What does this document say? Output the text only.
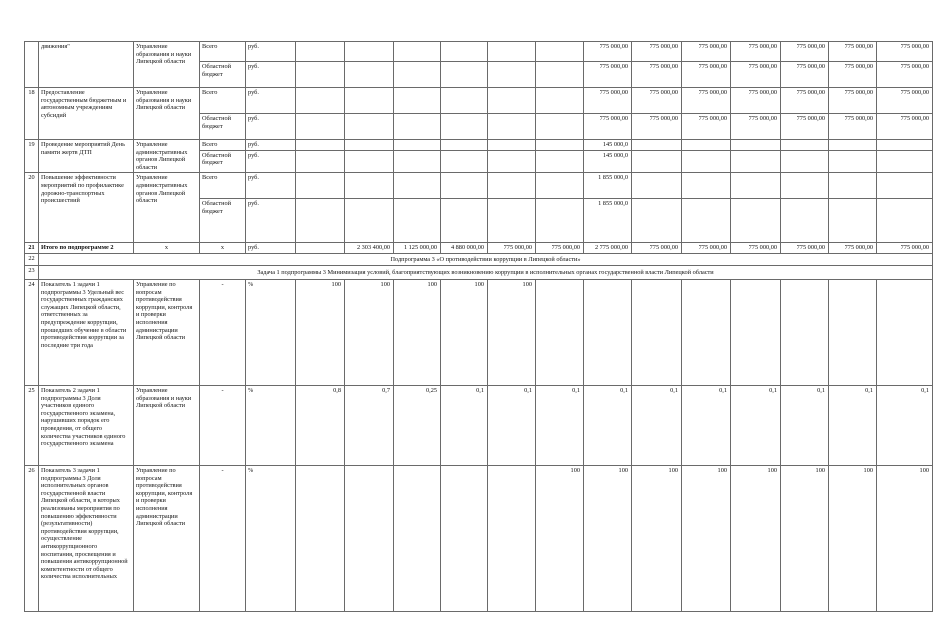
	движения"	Управление образования и науки Липецкой области	Всего	руб.							775 000,00	775 000,00	775 000,00	775 000,00	775 000,00	775 000,00	775 000,00
			Областной бюджет	руб.							775 000,00	775 000,00	775 000,00	775 000,00	775 000,00	775 000,00	775 000,00
18	Предоставление государственным бюджетным и автономным учреждениям субсидий	Управление образования и науки Липецкой области	Всего	руб.							775 000,00	775 000,00	775 000,00	775 000,00	775 000,00	775 000,00	775 000,00
			Областной бюджет	руб.							775 000,00	775 000,00	775 000,00	775 000,00	775 000,00	775 000,00	775 000,00
19	Проведение мероприятий День памяти жертв ДТП	Управление административных органов Липецкой области	Всего	руб.							145 000,0						
			Областной бюджет	руб.							145 000,0						
20	Повышение эффективности мероприятий по профилактике дорожно-транспортных происшествий	Управление административных органов Липецкой области	Всего	руб.							1 855 000,0						
			Областной бюджет	руб.							1 855 000,0						
21	Итого по подпрограмме 2	х	х	руб.		2 303 400,00	1 125 000,00	4 880 000,00	775 000,00	775 000,00	2 775 000,00	775 000,00	775 000,00	775 000,00	775 000,00	775 000,00	775 000,00
22	Подпрограмма 3 «О противодействии коррупции в Липецкой области»																
23	Задача 1 подпрограммы 3 Минимизация условий, благоприятствующих возникновению коррупции в исполнительных органах государственной власти Липецкой области																
24	Показатель 1 задачи 1 подпрограммы 3 Удельный вес государственных гражданских служащих Липецкой области, ответственных за предупреждение коррупции, прошедших обучение в области противодействия коррупции за последние три года	Управление по вопросам противодействия коррупции, контроля и проверки исполнения администрации Липецкой области	-	%	100	100	100	100	100								
25	Показатель 2 задачи 1 подпрограммы 3 Доля участников единого государственного экзамена, нарушивших порядок его проведения, от общего количества участников единого государственного экзамена	Управление образования и науки Липецкой области	-	%	0,8	0,7	0,25	0,1	0,1	0,1	0,1	0,1	0,1	0,1	0,1	0,1	0,1
26	Показатель 3 задачи 1 подпрограммы 3 Доля исполнительных органов государственной власти Липецкой области, в которых реализованы мероприятия по повышению эффективности (результативности) противодействия коррупции, осуществление антикоррупционного воспитания, просвещения и повышения антикоррупционной компетентности от общего количества исполнительных	Управление по вопросам противодействия коррупции, контроля и проверки исполнения администрации Липецкой области	-	%						100	100	100	100	100	100	100	100
